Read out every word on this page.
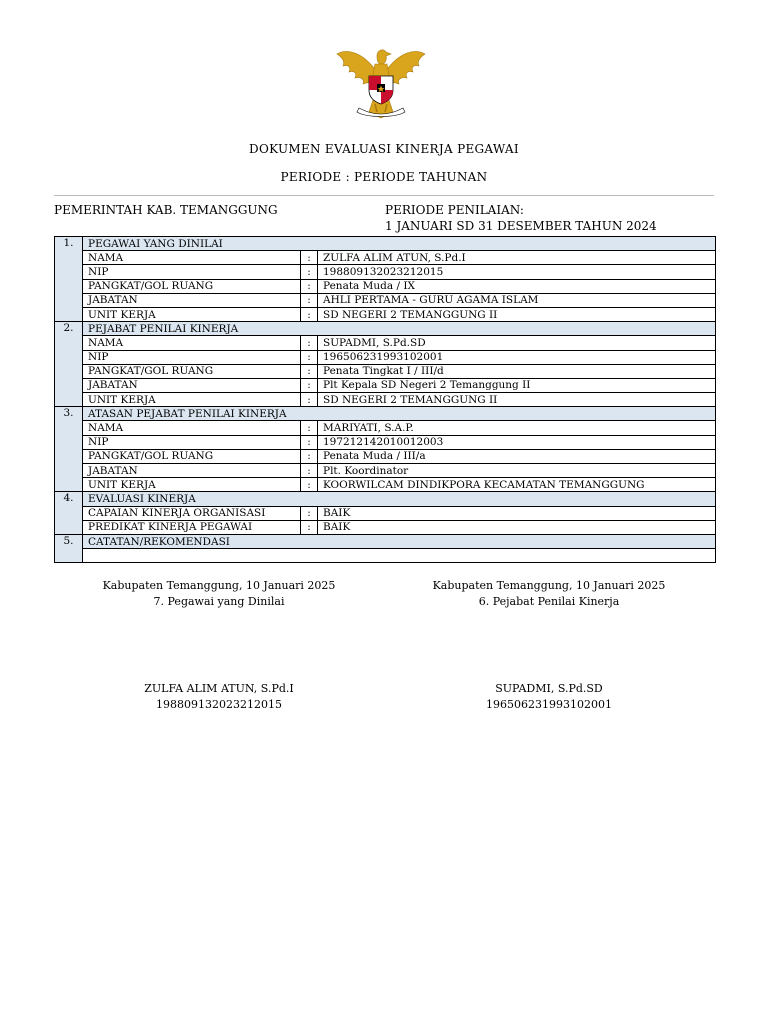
DOKUMEN EVALUASI KINERJA PEGAWAI
PERIODE : PERIODE TAHUNAN
PEMERINTAH KAB. TEMANGGUNG	PERIODE PENILAIAN:
1 JANUARI SD 31 DESEMBER TAHUN 2024
1.	PEGAWAI YANG DINILAI		
	NAMA	:	ZULFA ALIM ATUN, S.Pd.I
	NIP	:	198809132023212015
	PANGKAT/GOL RUANG	:	Penata Muda / IX
	JABATAN	:	AHLI PERTAMA - GURU AGAMA ISLAM
	UNIT KERJA	:	SD NEGERI 2 TEMANGGUNG II
2.	PEJABAT PENILAI KINERJA		
	NAMA	:	SUPADMI, S.Pd.SD
	NIP	:	196506231993102001
	PANGKAT/GOL RUANG	:	Penata Tingkat I / III/d
	JABATAN	:	Plt Kepala SD Negeri 2 Temanggung II
	UNIT KERJA	:	SD NEGERI 2 TEMANGGUNG II
3.	ATASAN PEJABAT PENILAI KINERJA		
	NAMA	:	MARIYATI, S.A.P.
	NIP	:	197212142010012003
	PANGKAT/GOL RUANG	:	Penata Muda / III/a
	JABATAN	:	Plt. Koordinator
	UNIT KERJA	:	KOORWILCAM DINDIKPORA KECAMATAN TEMANGGUNG
4.	EVALUASI KINERJA		
	CAPAIAN KINERJA ORGANISASI	:	BAIK
	PREDIKAT KINERJA PEGAWAI	:	BAIK
5.	CATATAN/REKOMENDASI		

Kabupaten Temanggung, 10 Januari 2025
7. Pegawai yang Dinilai
Kabupaten Temanggung, 10 Januari 2025
6. Pejabat Penilai Kinerja
ZULFA ALIM ATUN, S.Pd.I
198809132023212015
SUPADMI, S.Pd.SD
196506231993102001
